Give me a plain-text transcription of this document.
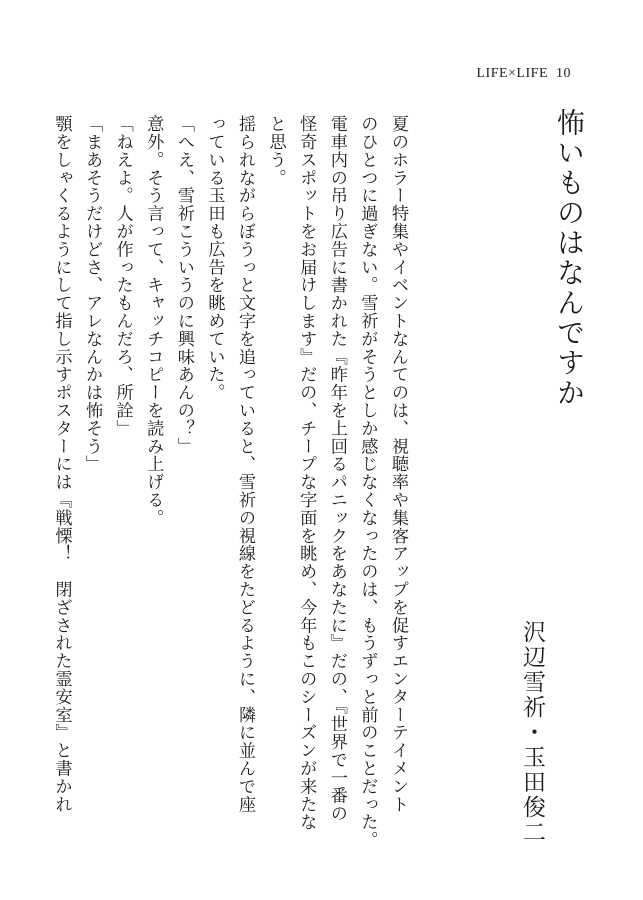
LIFE×LIFE 10
怖いものはなんですか
沢辺雪祈・玉田俊二
夏のホラー特集やイベントなんてのは、視聴率や集客アップを促すエンターテイメント
のひとつに過ぎない。雪祈がそうとしか感じなくなったのは、もうずっと前のことだった。
電車内の吊り広告に書かれた『昨年を上回るパニックをあなたに』だの、『世界で一番の
怪奇スポットをお届けします』だの、チープな字面を眺め、今年もこのシーズンが来たな
と思う。
揺られながらぼうっと文字を追っていると、雪祈の視線をたどるように、隣に並んで座
っている玉田も広告を眺めていた。
「へえ、雪祈こういうのに興味あんの？」
意外。そう言って、キャッチコピーを読み上げる。
「ねえよ。人が作ったもんだろ、所詮」
「まあそうだけどさ、アレなんかは怖そう」
顎をしゃくるようにして指し示すポスターには『戦慄！　閉ざされた霊安室』と書かれ
